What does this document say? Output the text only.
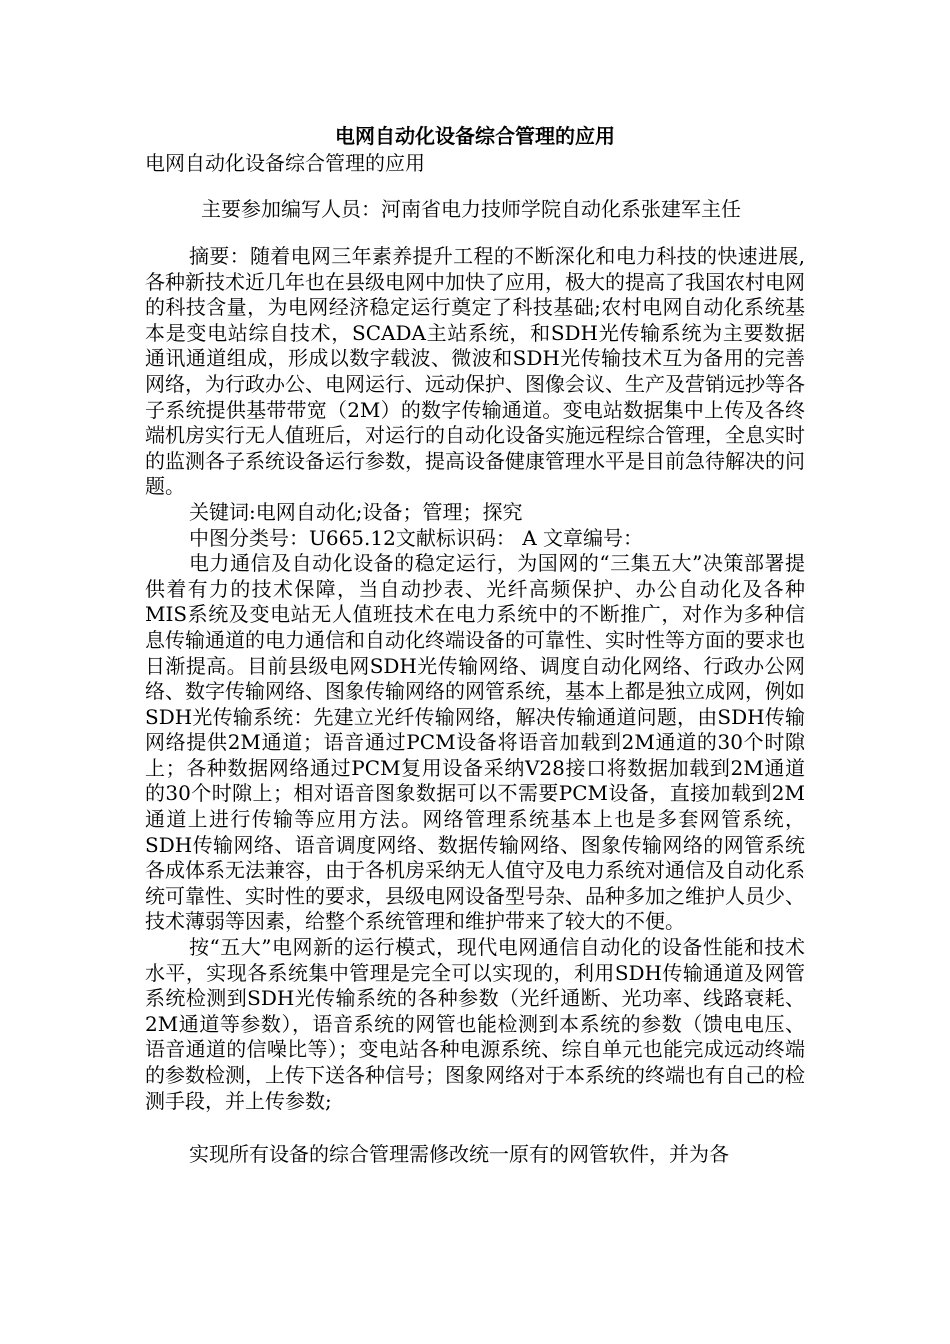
电网自动化设备综合管理的应用

电网自动化设备综合管理的应用

主要参加编写人员：河南省电力技师学院自动化系张建军主任

摘要：随着电网三年素养提升工程的不断深化和电力科技的快速进展,各种新技术近几年也在县级电网中加快了应用，极大的提高了我国农村电网的科技含量，为电网经济稳定运行奠定了科技基础;农村电网自动化系统基本是变电站综自技术，SCADA主站系统，和SDH光传输系统为主要数据通讯通道组成，形成以数字载波、微波和SDH光传输技术互为备用的完善网络，为行政办公、电网运行、远动保护、图像会议、生产及营销远抄等各子系统提供基带带宽（2M）的数字传输通道。变电站数据集中上传及各终端机房实行无人值班后，对运行的自动化设备实施远程综合管理，全息实时的监测各子系统设备运行参数，提高设备健康管理水平是目前急待解决的问题。

关键词:电网自动化;设备；管理；探究

中图分类号：U665.12文献标识码： A 文章编号：

电力通信及自动化设备的稳定运行，为国网的“三集五大”决策部署提供着有力的技术保障，当自动抄表、光纤高频保护、办公自动化及各种MIS系统及变电站无人值班技术在电力系统中的不断推广，对作为多种信息传输通道的电力通信和自动化终端设备的可靠性、实时性等方面的要求也日渐提高。目前县级电网SDH光传输网络、调度自动化网络、行政办公网络、数字传输网络、图象传输网络的网管系统，基本上都是独立成网，例如SDH光传输系统：先建立光纤传输网络，解决传输通道问题，由SDH传输网络提供2M通道；语音通过PCM设备将语音加载到2M通道的30个时隙上；各种数据网络通过PCM复用设备采纳V28接口将数据加载到2M通道的30个时隙上；相对语音图象数据可以不需要PCM设备，直接加载到2M通道上进行传输等应用方法。网络管理系统基本上也是多套网管系统，SDH传输网络、语音调度网络、数据传输网络、图象传输网络的网管系统各成体系无法兼容，由于各机房采纳无人值守及电力系统对通信及自动化系统可靠性、实时性的要求，县级电网设备型号杂、品种多加之维护人员少、技术薄弱等因素，给整个系统管理和维护带来了较大的不便。

按“五大”电网新的运行模式，现代电网通信自动化的设备性能和技术水平，实现各系统集中管理是完全可以实现的，利用SDH传输通道及网管系统检测到SDH光传输系统的各种参数（光纤通断、光功率、线路衰耗、2M通道等参数），语音系统的网管也能检测到本系统的参数（馈电电压、语音通道的信噪比等）；变电站各种电源系统、综自单元也能完成远动终端的参数检测，上传下送各种信号；图象网络对于本系统的终端也有自己的检测手段，并上传参数;

实现所有设备的综合管理需修改统一原有的网管软件，并为各
